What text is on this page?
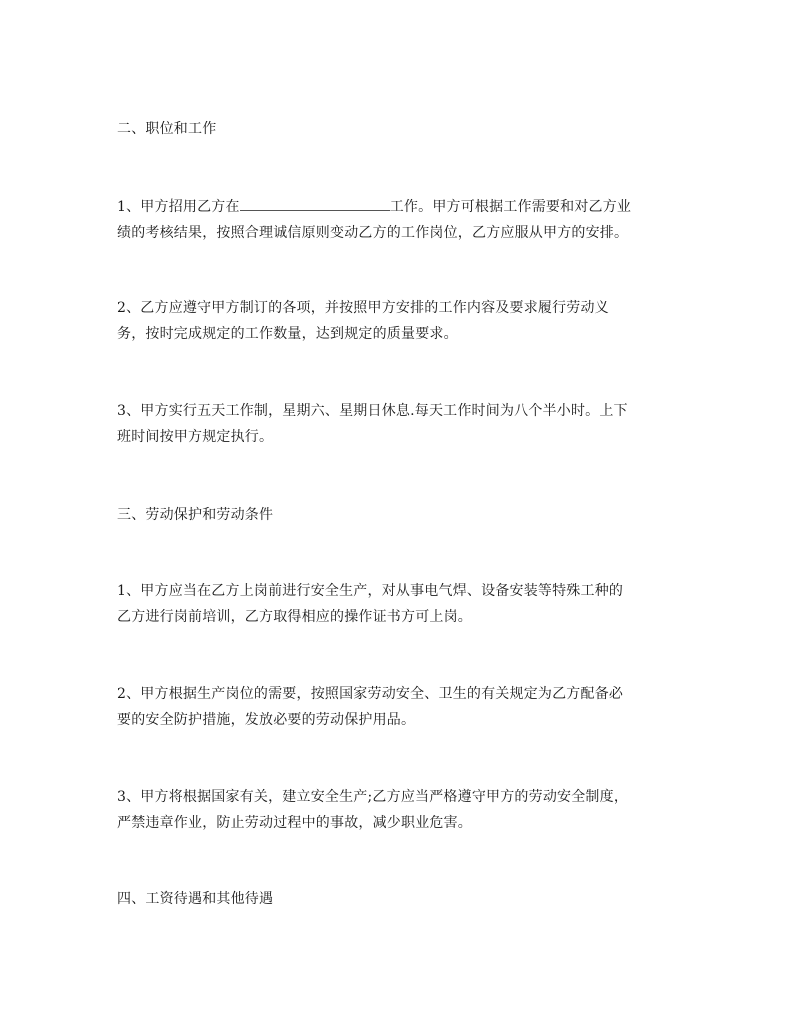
二、职位和工作
1、甲方招用乙方在	工作。甲方可根据工作需要和对乙方业
绩的考核结果，按照合理诚信原则变动乙方的工作岗位，乙方应服从甲方的安排。
2、乙方应遵守甲方制订的各项，并按照甲方安排的工作内容及要求履行劳动义
务，按时完成规定的工作数量，达到规定的质量要求。
3、甲方实行五天工作制，星期六、星期日休息.每天工作时间为八个半小时。上下
班时间按甲方规定执行。
三、劳动保护和劳动条件
1、甲方应当在乙方上岗前进行安全生产，对从事电气焊、设备安装等特殊工种的
乙方进行岗前培训，乙方取得相应的操作证书方可上岗。
2、甲方根据生产岗位的需要，按照国家劳动安全、卫生的有关规定为乙方配备必
要的安全防护措施，发放必要的劳动保护用品。
3、甲方将根据国家有关，建立安全生产;乙方应当严格遵守甲方的劳动安全制度，
严禁违章作业，防止劳动过程中的事故，减少职业危害。
四、工资待遇和其他待遇
